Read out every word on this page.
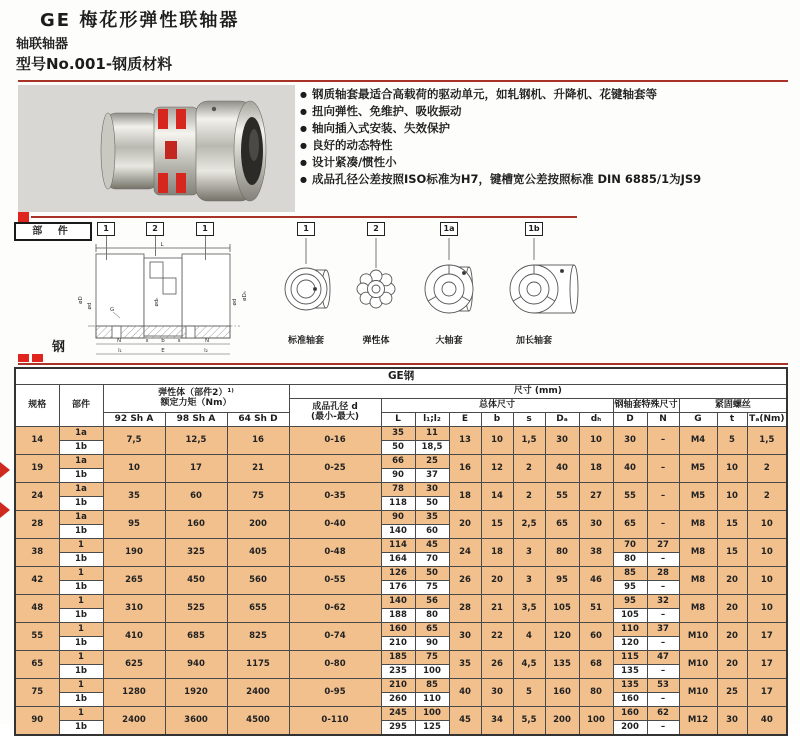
GE 梅花形弹性联轴器
轴联轴器
型号No.001-钢质材料
● 钢质轴套最适合高载荷的驱动单元，如轧钢机、升降机、花键轴套等
● 扭向弹性、免维护、吸收振动
● 轴向插入式安装、失效保护
● 良好的动态特性
● 设计紧凑/惯性小
● 成品孔径公差按照ISO标准为H7，键槽宽公差按照标准 DIN 6885/1为JS9
部 件
钢
1	2	1	1	2	1a	1b
L
øD
ød	ødₕ	ød
øDₕ
G
N	s b s	N
l₁	E	l₂
标准轴套	弹性体	大轴套	加长轴套
GE钢																	
规格	部件	弹性体（部件2）¹⁾
额定力矩（Nm）			尺寸 (mm)												

					成品孔径 d
(最小-最大)	总体尺寸							钢轴套特殊尺寸		紧固螺丝		
		92 Sh A	98 Sh A	64 Sh D		L	l₁;l₂	E	b	s	Dₐ	dₕ	D	N	G	t	Tₐ(Nm)
14	1a	7,5	12,5	16	0-16	35	11	13	10	1,5	30	10	30	–	M4	5	1,5
	1b					50	18,5										
19	1a	10	17	21	0-25	66	25	16	12	2	40	18	40	–	M5	10	2
	1b					90	37										
24	1a	35	60	75	0-35	78	30	18	14	2	55	27	55	–	M5	10	2
	1b					118	50										
28	1a	95	160	200	0-40	90	35	20	15	2,5	65	30	65	–	M8	15	10
	1b					140	60										
38	1	190	325	405	0-48	114	45	24	18	3	80	38	70	27	M8	15	10
	1b					164	70						80	–			
42	1	265	450	560	0-55	126	50	26	20	3	95	46	85	28	M8	20	10
	1b					176	75						95	–			
48	1	310	525	655	0-62	140	56	28	21	3,5	105	51	95	32	M8	20	10
	1b					188	80						105	–			
55	1	410	685	825	0-74	160	65	30	22	4	120	60	110	37	M10	20	17
	1b					210	90						120	–			
65	1	625	940	1175	0-80	185	75	35	26	4,5	135	68	115	47	M10	20	17
	1b					235	100						135	–			
75	1	1280	1920	2400	0-95	210	85	40	30	5	160	80	135	53	M10	25	17
	1b					260	110						160	–			
90	1	2400	3600	4500	0-110	245	100	45	34	5,5	200	100	160	62	M12	30	40
	1b					295	125						200	–			
